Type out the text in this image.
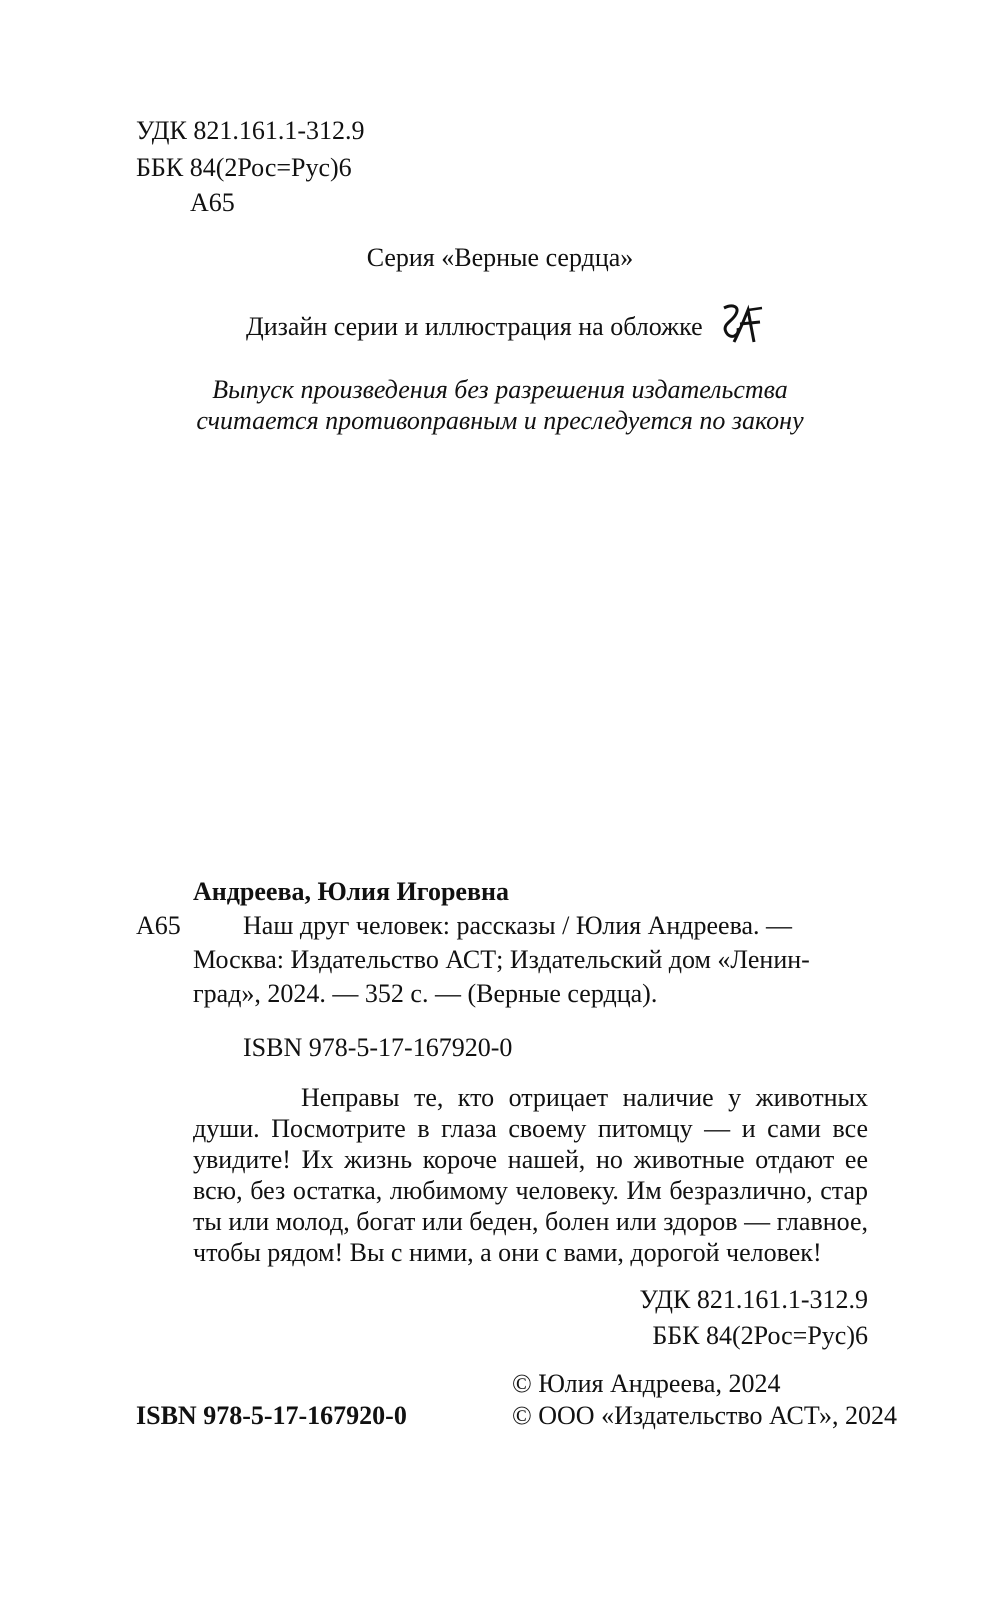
УДК 821.161.1-312.9
ББК 84(2Рос=Рус)6
А65
Серия «Верные сердца»
Дизайн серии и иллюстрация на обложке
Выпуск произведения без разрешения издательства
считается противоправным и преследуется по закону
Андреева, Юлия Игоревна
А65 Наш друг человек: рассказы / Юлия Андреева. —
Москва: Издательство АСТ; Издательский дом «Ленин-
град», 2024. — 352 с. — (Верные сердца).
ISBN 978-5-17-167920-0
Неправы те, кто отрицает наличие у животных души. Посмотрите в глаза своему питомцу — и сами все увидите! Их жизнь короче нашей, но животные отдают ее всю, без остатка, любимому человеку. Им безразлично, стар ты или молод, богат или беден, болен или здоров — главное, чтобы рядом! Вы с ними, а они с вами, дорогой человек!
УДК 821.161.1-312.9
ББК 84(2Рос=Рус)6
© Юлия Андреева, 2024
ISBN 978-5-17-167920-0	© ООО «Издательство АСТ», 2024
